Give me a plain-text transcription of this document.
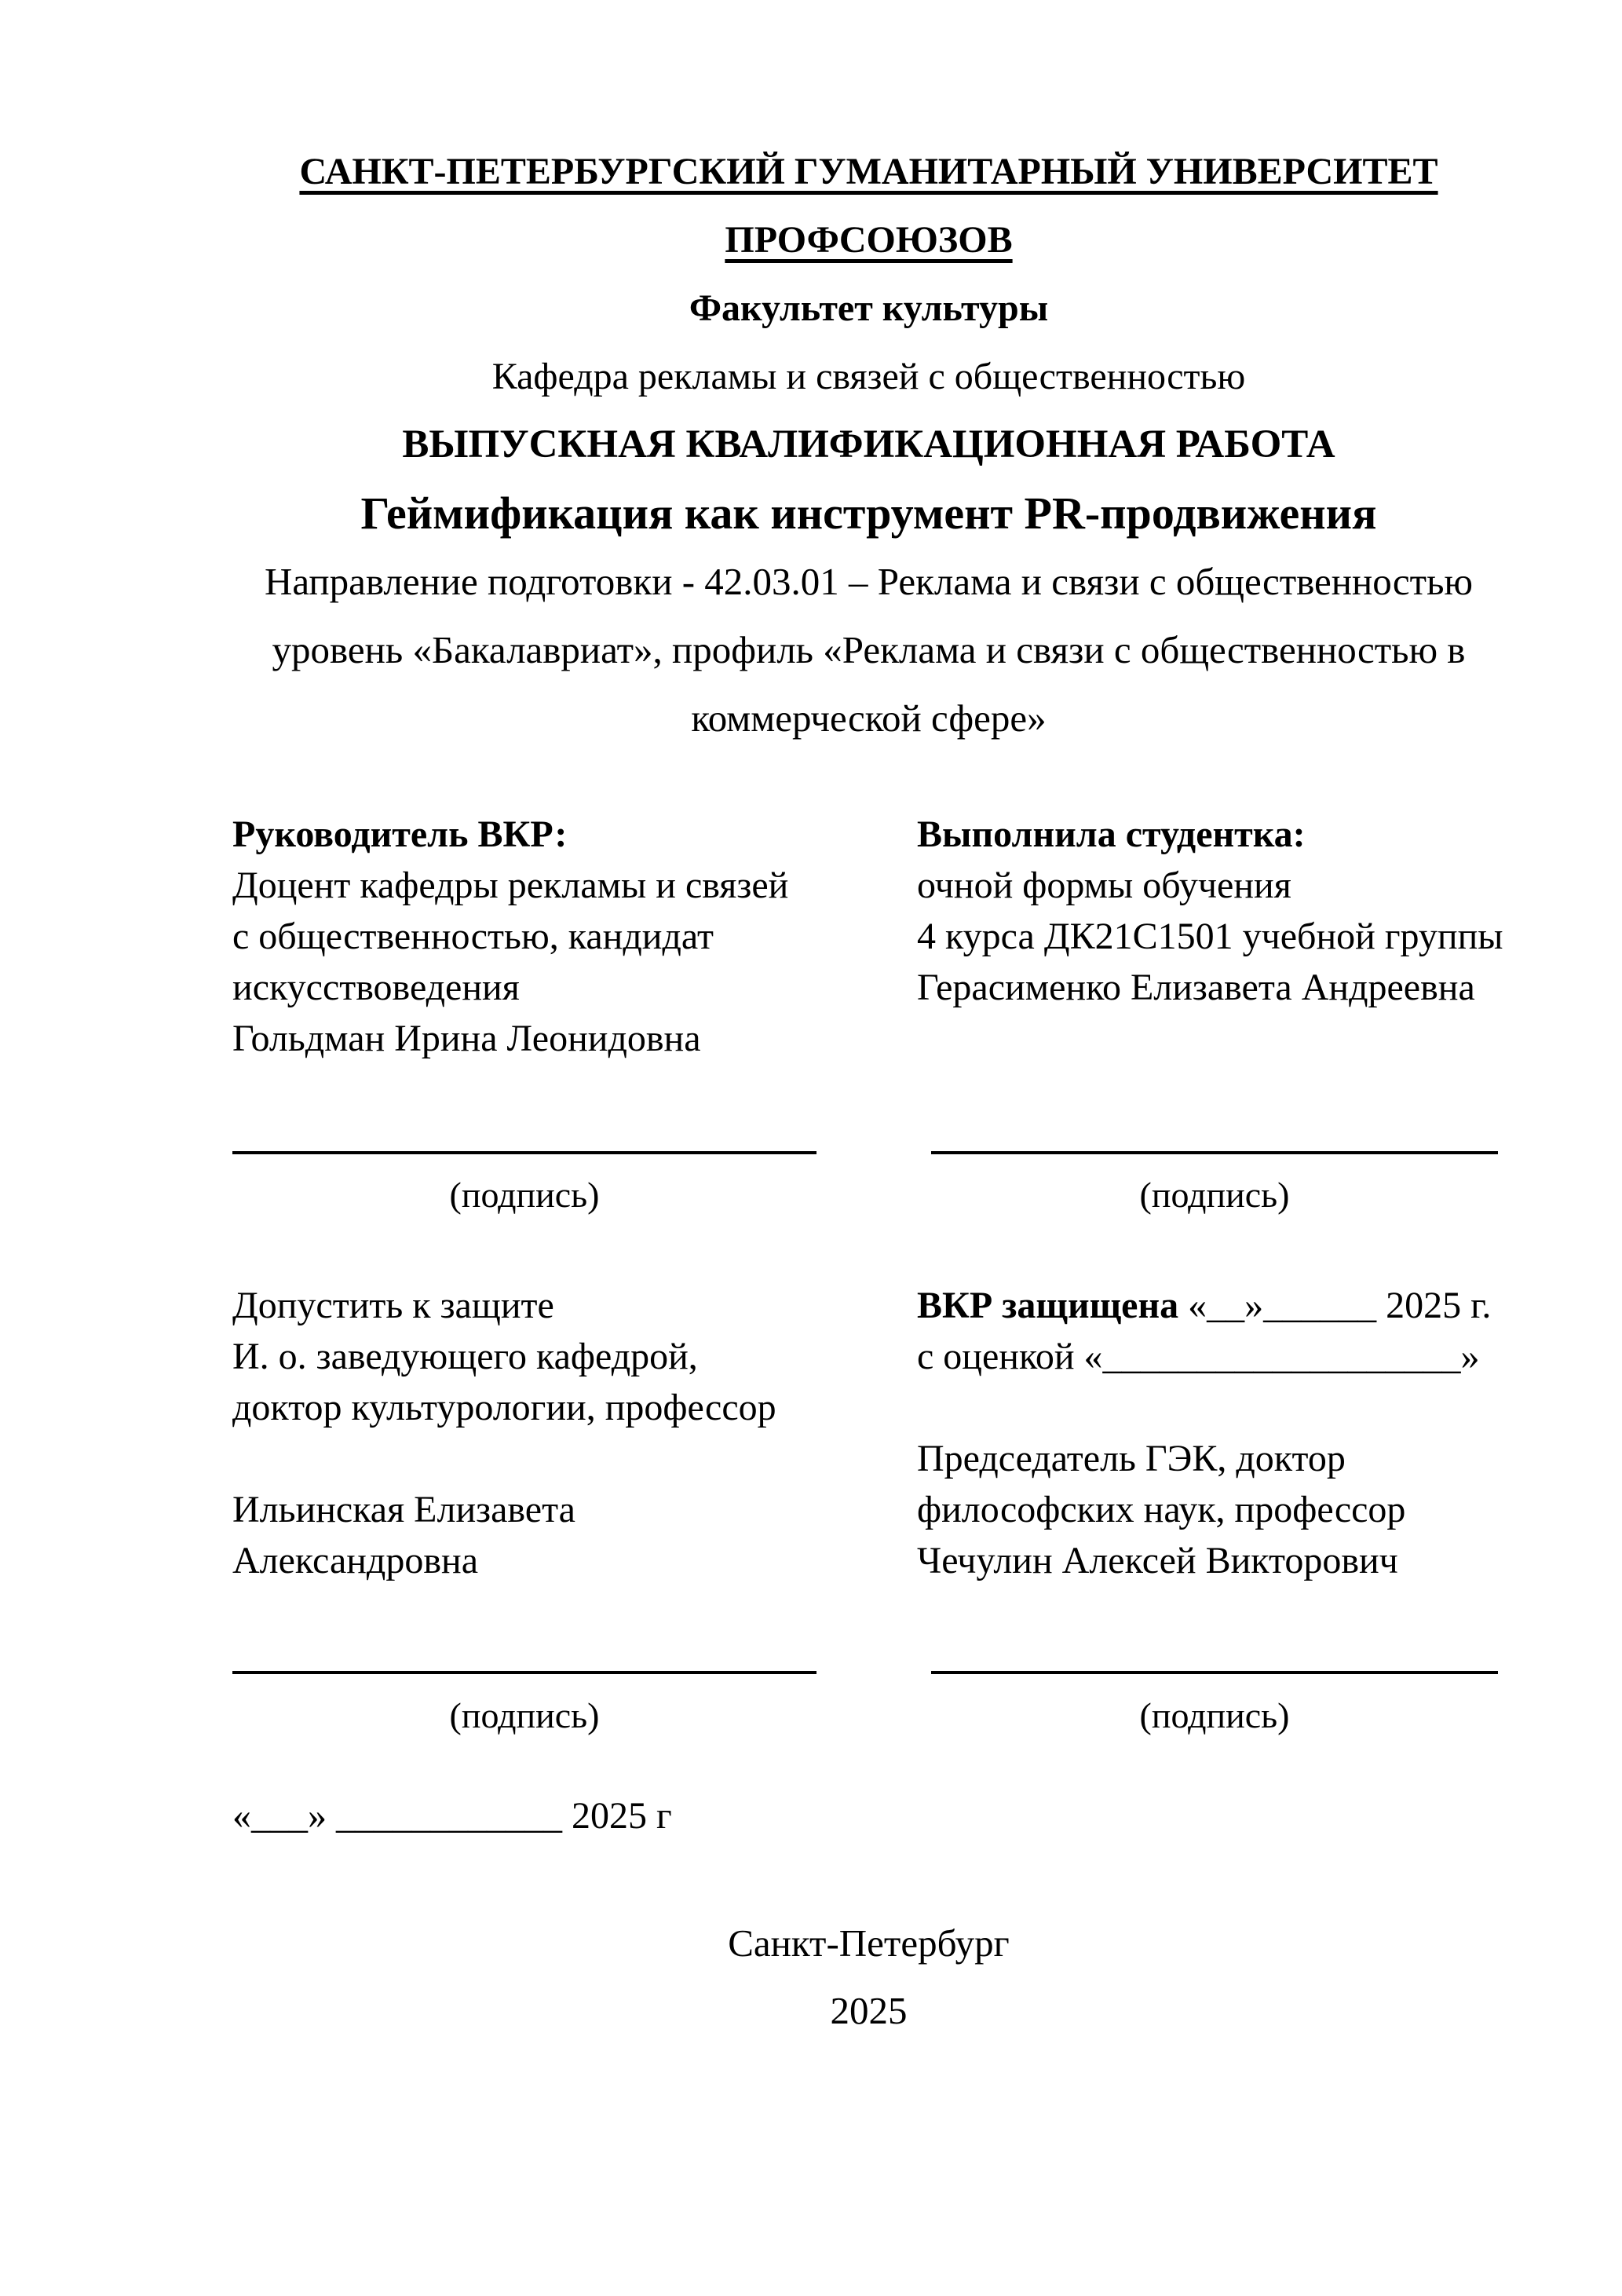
САНКТ-ПЕТЕРБУРГСКИЙ ГУМАНИТАРНЫЙ УНИВЕРСИТЕТ
ПРОФСОЮЗОВ
Факультет культуры
Кафедра рекламы и связей с общественностью
ВЫПУСКНАЯ КВАЛИФИКАЦИОННАЯ РАБОТА
Геймификация как инструмент PR-продвижения
Направление подготовки - 42.03.01 – Реклама и связи с общественностью
уровень «Бакалавриат», профиль «Реклама и связи с общественностью в
коммерческой сфере»
Руководитель ВКР:
Доцент кафедры рекламы и связей
с общественностью, кандидат
искусствоведения
Гольдман Ирина Леонидовна
Выполнила студентка:
очной формы обучения
4 курса ДК21С1501 учебной группы
Герасименко Елизавета Андреевна
(подпись)	(подпись)
Допустить к защите
И. о. заведующего кафедрой,
доктор культурологии, профессор
Ильинская Елизавета
Александровна
ВКР защищена «__»______ 2025 г.
с оценкой «___________________»
Председатель ГЭК, доктор
философских наук, профессор
Чечулин Алексей Викторович
(подпись)	(подпись)
«___» ____________ 2025 г
Санкт-Петербург
2025
